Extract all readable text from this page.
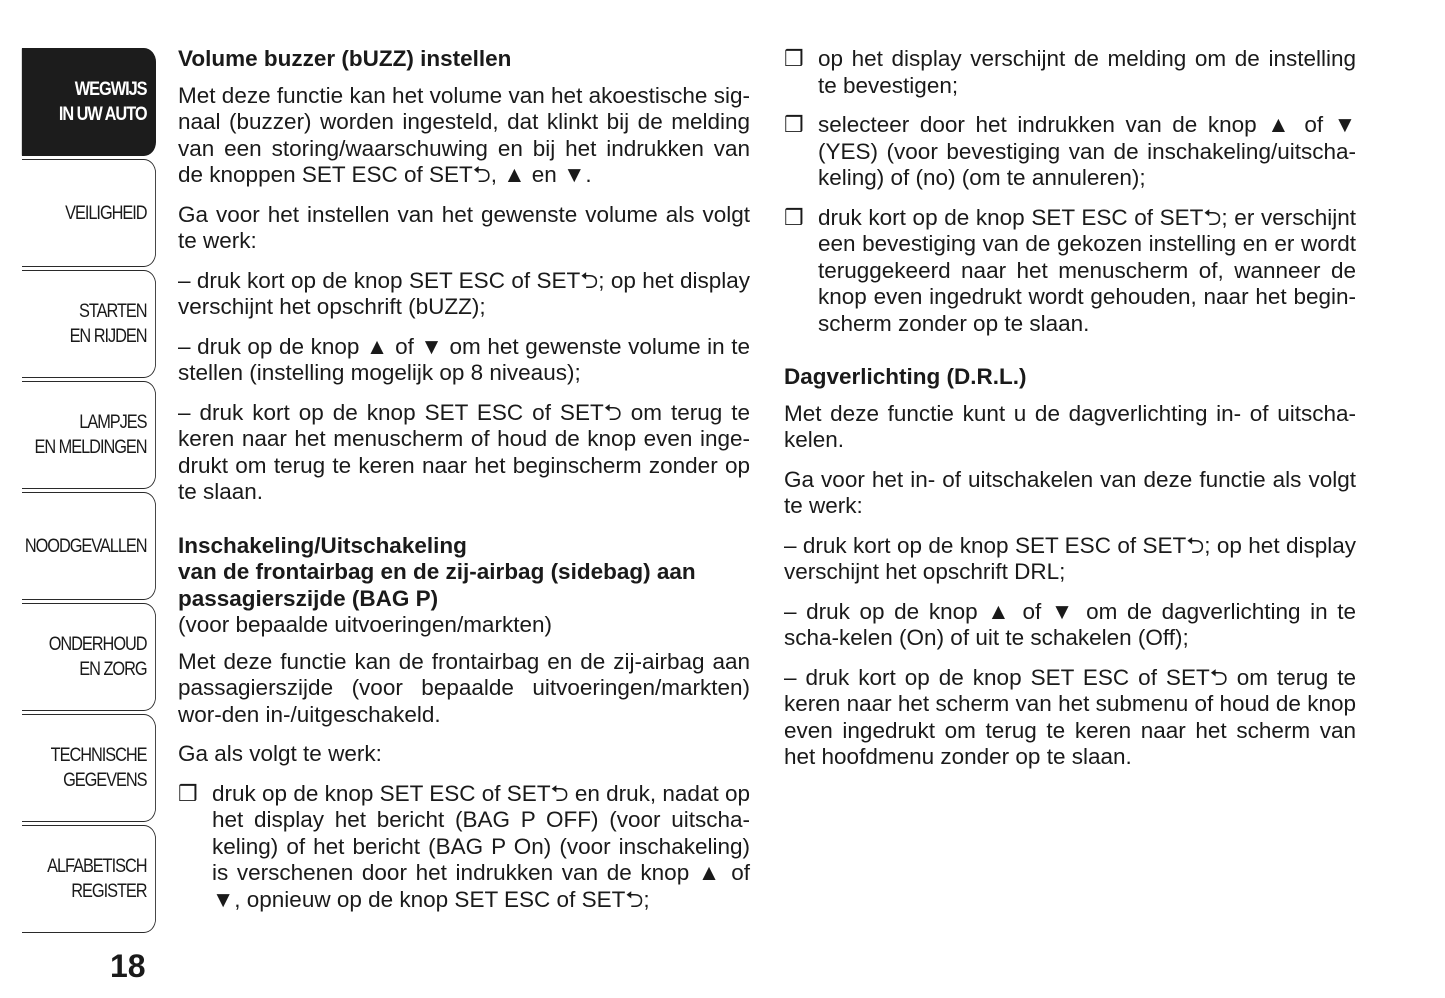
WEGWIJS
IN UW AUTO
VEILIGHEID
STARTEN
EN RIJDEN
LAMPJES
EN MELDINGEN
NOODGEVALLEN
ONDERHOUD
EN ZORG
TECHNISCHE
GEGEVENS
ALFABETISCH
REGISTER
18
Volume buzzer (bUZZ) instellen

Met deze functie kan het volume van het akoestische sig-naal (buzzer) worden ingesteld, dat klinkt bij de melding van een storing/waarschuwing en bij het indrukken van de knoppen SET ESC of SET⮌, ▲ en ▼.

Ga voor het instellen van het gewenste volume als volgt te werk:

– druk kort op de knop SET ESC of SET⮌; op het display verschijnt het opschrift (bUZZ);

– druk op de knop ▲ of ▼ om het gewenste volume in te stellen (instelling mogelijk op 8 niveaus);

– druk kort op de knop SET ESC of SET⮌ om terug te keren naar het menuscherm of houd de knop even inge-drukt om terug te keren naar het beginscherm zonder op te slaan.

Inschakeling/Uitschakeling
van de frontairbag en de zij-airbag (sidebag) aan
passagierszijde (BAG P)
(voor bepaalde uitvoeringen/markten)

Met deze functie kan de frontairbag en de zij-airbag aan passagierszijde (voor bepaalde uitvoeringen/markten) wor-den in-/uitgeschakeld.

Ga als volgt te werk:

❒ druk op de knop SET ESC of SET⮌ en druk, nadat op het display het bericht (BAG P OFF) (voor uitscha-keling) of het bericht (BAG P On) (voor inschakeling) is verschenen door het indrukken van de knop ▲ of ▼, opnieuw op de knop SET ESC of SET⮌;
❒ op het display verschijnt de melding om de instelling te bevestigen;
❒ selecteer door het indrukken van de knop ▲ of ▼ (YES) (voor bevestiging van de inschakeling/uitscha-keling) of (no) (om te annuleren);
❒ druk kort op de knop SET ESC of SET⮌; er verschijnt een bevestiging van de gekozen instelling en er wordt teruggekeerd naar het menuscherm of, wanneer de knop even ingedrukt wordt gehouden, naar het begin-scherm zonder op te slaan.
Dagverlichting (D.R.L.)

Met deze functie kunt u de dagverlichting in- of uitscha-kelen.

Ga voor het in- of uitschakelen van deze functie als volgt te werk:

– druk kort op de knop SET ESC of SET⮌; op het display verschijnt het opschrift DRL;

– druk op de knop ▲ of ▼ om de dagverlichting in te scha-kelen (On) of uit te schakelen (Off);

– druk kort op de knop SET ESC of SET⮌ om terug te keren naar het scherm van het submenu of houd de knop even ingedrukt om terug te keren naar het scherm van het hoofdmenu zonder op te slaan.
